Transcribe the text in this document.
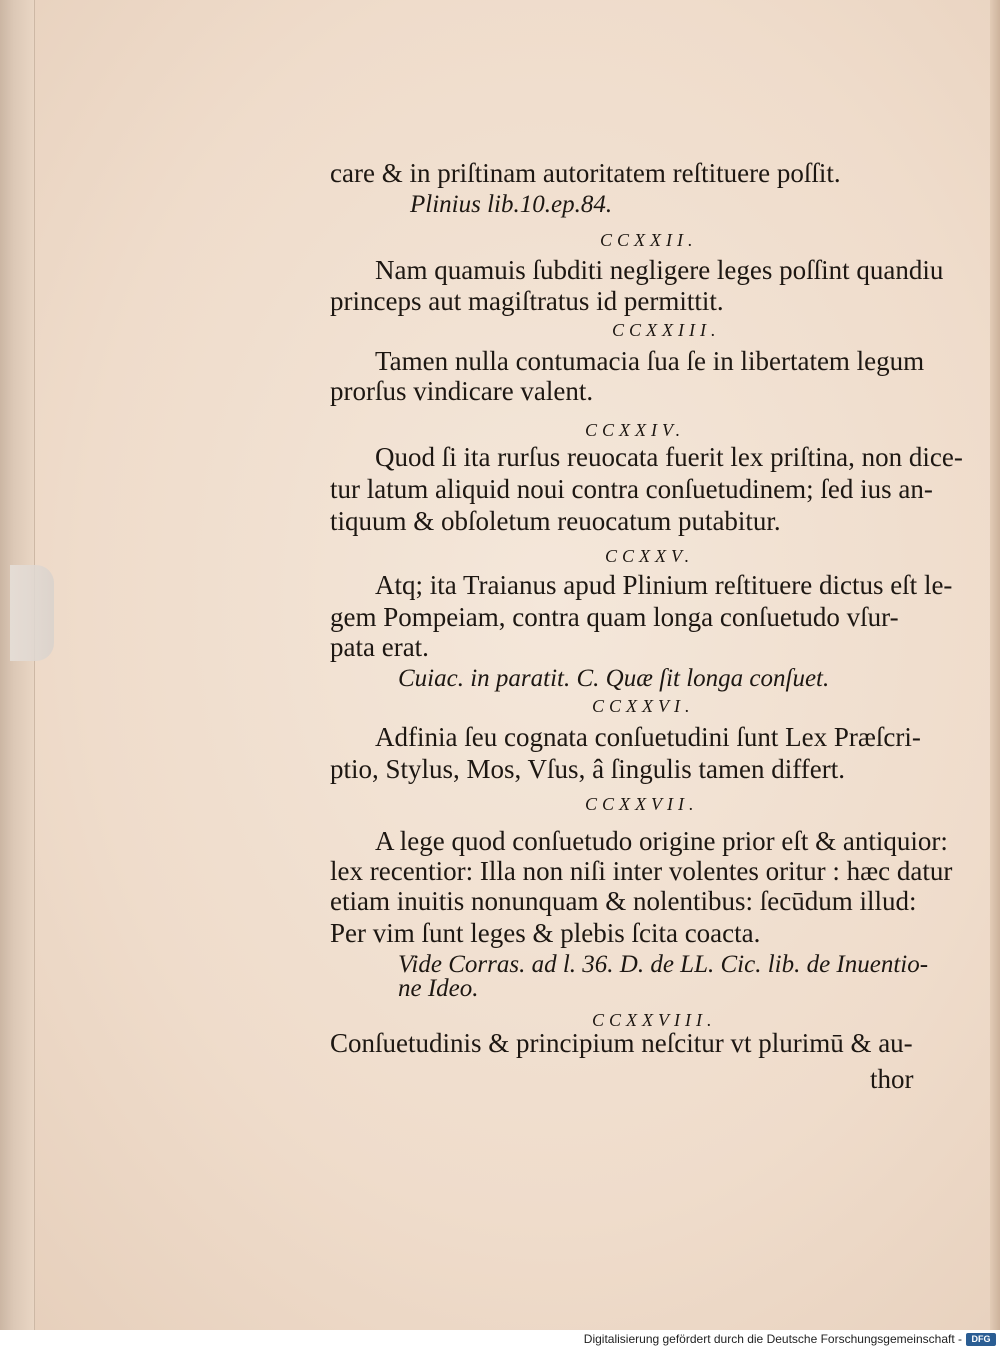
care & in priſtinam autoritatem reſtituere poſſit.
Plinius lib.10.ep.84.
CCXXII.
Nam quamuis ſubditi negligere leges poſſint quandiu
princeps aut magiſtratus id permittit.
CCXXIII.
Tamen nulla contumacia ſua ſe in libertatem legum
prorſus vindicare valent.
CCXXIV.
Quod ſi ita rurſus reuocata fuerit lex priſtina, non dice-
tur latum aliquid noui contra conſuetudinem; ſed ius an-
tiquum & obſoletum reuocatum putabitur.
CCXXV.
Atq; ita Traianus apud Plinium reſtituere dictus eſt le-
gem Pompeiam, contra quam longa conſuetudo vſur-
pata erat.
Cuiac. in paratit. C. Quæ ſit longa conſuet.
CCXXVI.
Adfinia ſeu cognata conſuetudini ſunt Lex Præſcri-
ptio, Stylus, Mos, Vſus, â ſingulis tamen differt.
CCXXVII.
A lege quod conſuetudo origine prior eſt & antiquior:
lex recentior: Illa non niſi inter volentes oritur : hæc datur
etiam inuitis nonunquam & nolentibus: ſecūdum illud:
Per vim ſunt leges & plebis ſcita coacta.
Vide Corras. ad l. 36. D. de LL. Cic. lib. de Inuentio-
ne Ideo.
CCXXVIII.
Conſuetudinis & principium neſcitur vt plurimū & au-
thor
Digitalisierung gefördert durch die Deutsche Forschungsgemeinschaft -	DFG
